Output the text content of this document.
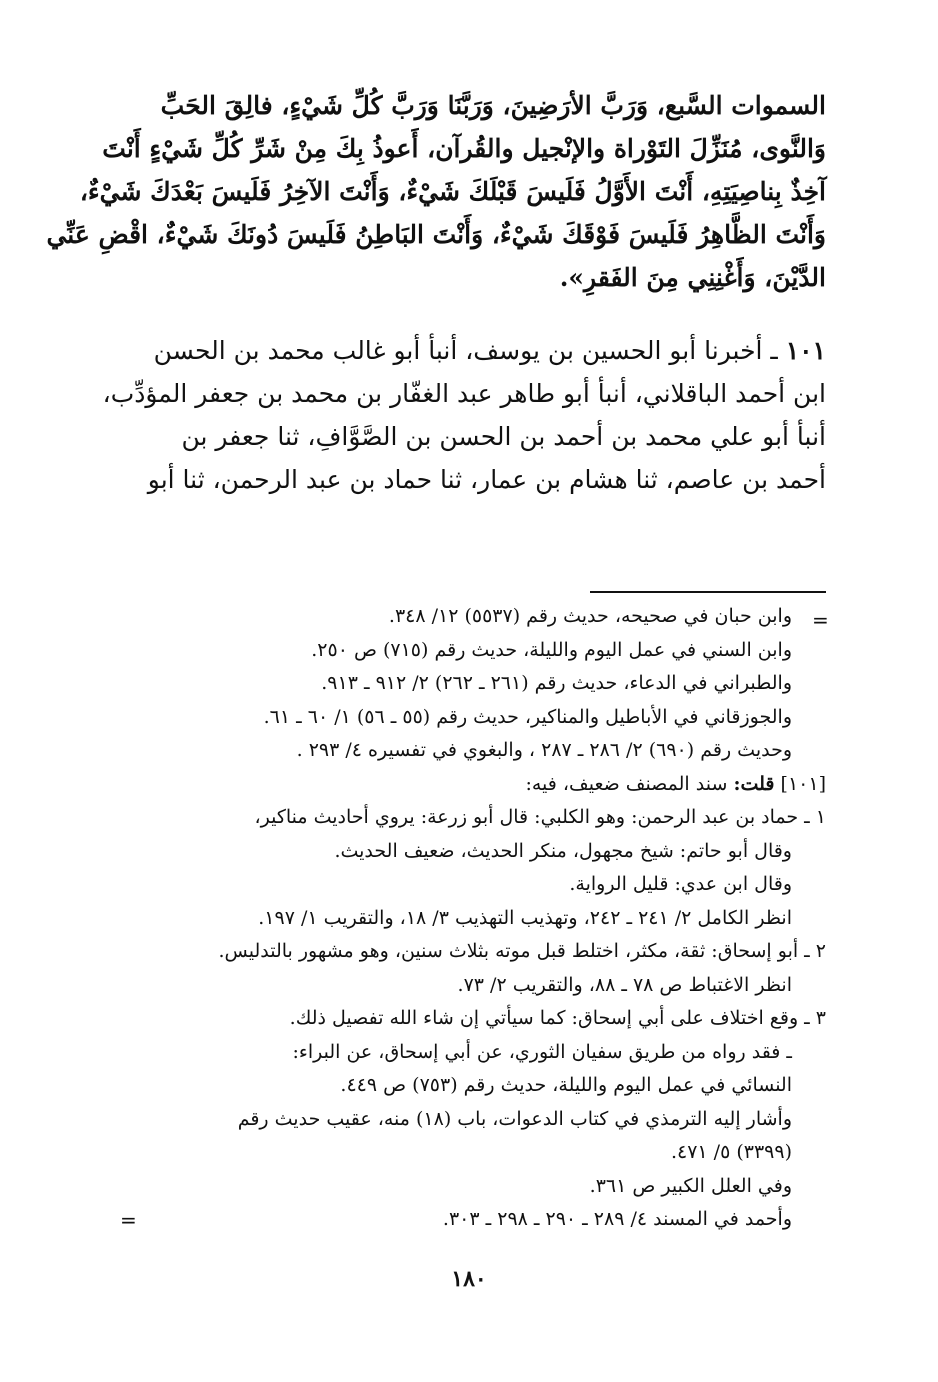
السموات السَّبع، وَرَبَّ الأرَضِينَ، وَرَبَّنَا وَرَبَّ كُلِّ شَيْءٍ، فالِقَ الحَبِّ
وَالنَّوى، مُنَزِّلَ التَوْراة والإنْجيل والقُرآن، أَعوذُ بِكَ مِنْ شَرِّ كُلِّ شَيْءٍ أَنْتَ
آخِذٌ بِناصِيَتِهِ، أَنْتَ الأَوَّلُ فَلَيسَ قَبْلَكَ شَيْءٌ، وَأَنْتَ الآخِرُ فَلَيسَ بَعْدَكَ شَيْءٌ،
وَأَنْتَ الظَّاهِرُ فَلَيسَ فَوْقَكَ شَيْءٌ، وَأَنْتَ البَاطِنُ فَلَيسَ دُونَكَ شَيْءٌ، اقْضِ عَنِّي
الدَّيْنَ، وَأَغْنِنِي مِنَ الفَقرِ».
١٠١ ـ أخبرنا أبو الحسين بن يوسف، أنبأ أبو غالب محمد بن الحسن
ابن أحمد الباقلاني، أنبأ أبو طاهر عبد الغفّار بن محمد بن جعفر المؤدِّب،
أنبأ أبو علي محمد بن أحمد بن الحسن بن الصَّوَّافِ، ثنا جعفر بن
أحمد بن عاصم، ثنا هشام بن عمار، ثنا حماد بن عبد الرحمن، ثنا أبو
=
وابن حبان في صحيحه، حديث رقم (٥٥٣٧) ١٢/ ٣٤٨.
وابن السني في عمل اليوم والليلة، حديث رقم (٧١٥) ص ٢٥٠.
والطبراني في الدعاء، حديث رقم (٢٦١ ـ ٢٦٢) ٢/ ٩١٢ ـ ٩١٣.
والجوزقاني في الأباطيل والمناكير، حديث رقم (٥٥ ـ ٥٦) ١/ ٦٠ ـ ٦١.
وحديث رقم (٦٩٠) ٢/ ٢٨٦ ـ ٢٨٧ ، والبغوي في تفسيره ٤/ ٢٩٣ .
[١٠١] قلت: سند المصنف ضعيف، فيه:
١ ـ حماد بن عبد الرحمن: وهو الكلبي: قال أبو زرعة: يروي أحاديث مناكير،
وقال أبو حاتم: شيخ مجهول، منكر الحديث، ضعيف الحديث.
وقال ابن عدي: قليل الرواية.
انظر الكامل ٢/ ٢٤١ ـ ٢٤٢، وتهذيب التهذيب ٣/ ١٨، والتقريب ١/ ١٩٧.
٢ ـ أبو إسحاق: ثقة، مكثر، اختلط قبل موته بثلاث سنين، وهو مشهور بالتدليس.
انظر الاغتباط ص ٧٨ ـ ٨٨، والتقريب ٢/ ٧٣.
٣ ـ وقع اختلاف على أبي إسحاق: كما سيأتي إن شاء الله تفصيل ذلك.
ـ فقد رواه من طريق سفيان الثوري، عن أبي إسحاق، عن البراء:
النسائي في عمل اليوم والليلة، حديث رقم (٧٥٣) ص ٤٤٩.
وأشار إليه الترمذي في كتاب الدعوات، باب (١٨) منه، عقيب حديث رقم
(٣٣٩٩) ٥/ ٤٧١.
وفي العلل الكبير ص ٣٦١.
وأحمد في المسند ٤/ ٢٨٩ ـ ٢٩٠ ـ ٢٩٨ ـ ٣٠٣.
=
١٨٠
